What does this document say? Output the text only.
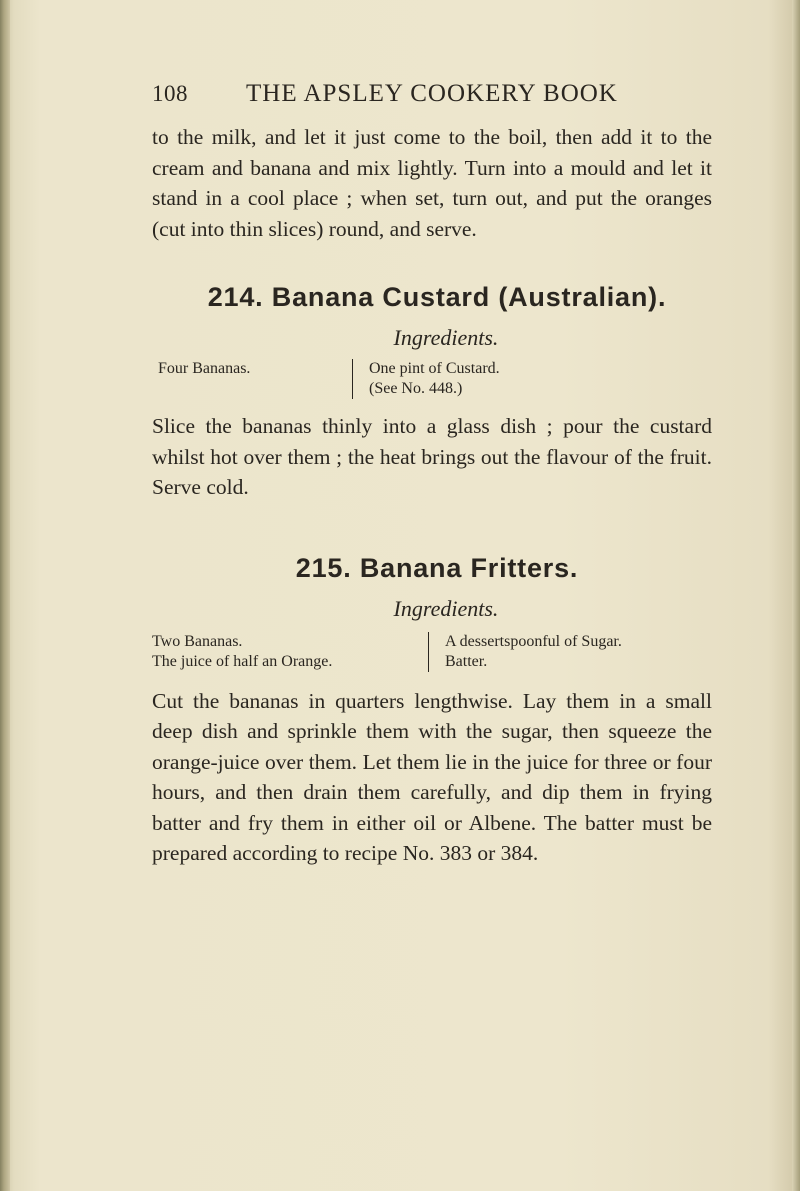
108	THE APSLEY COOKERY BOOK

to the milk, and let it just come to the boil, then add it to the cream and banana and mix lightly. Turn into a mould and let it stand in a cool place ; when set, turn out, and put the oranges (cut into thin slices) round, and serve.

214. Banana Custard (Australian).
Ingredients.
Four Bananas.
	One pint of Custard.
(See No. 448.)

Slice the bananas thinly into a glass dish ; pour the custard whilst hot over them ; the heat brings out the flavour of the fruit. Serve cold.

215. Banana Fritters.
Ingredients.
Two Bananas.
The juice of half an Orange.
A dessertspoonful of Sugar.
Batter.

Cut the bananas in quarters lengthwise. Lay them in a small deep dish and sprinkle them with the sugar, then squeeze the orange-juice over them. Let them lie in the juice for three or four hours, and then drain them carefully, and dip them in frying batter and fry them in either oil or Albene. The batter must be prepared according to recipe No. 383 or 384.
